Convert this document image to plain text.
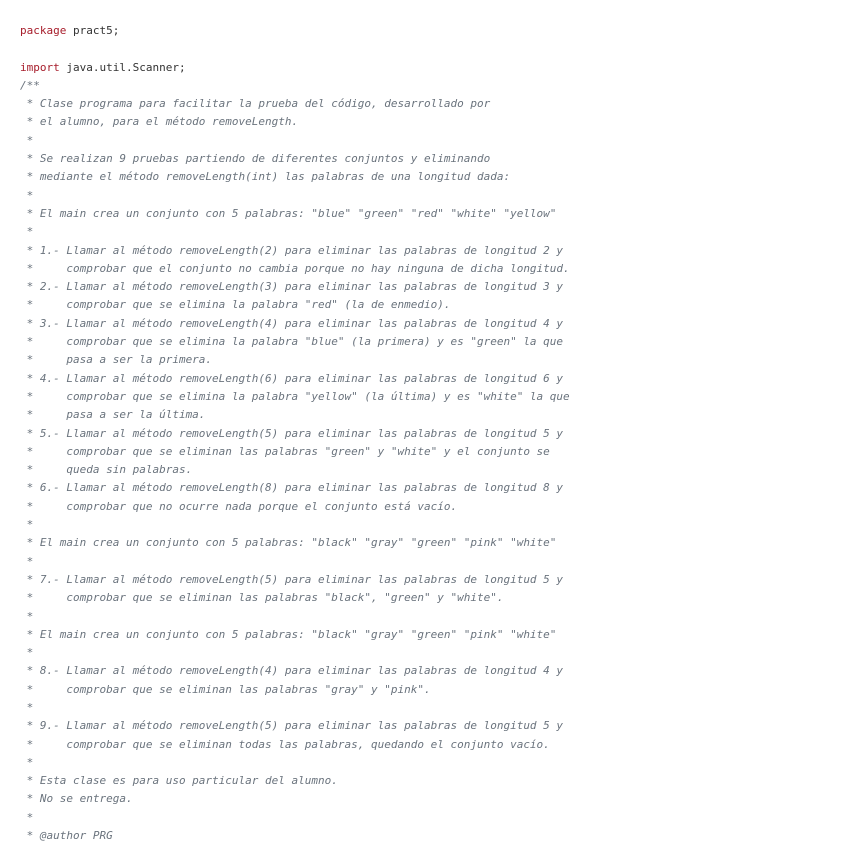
package pract5;

import java.util.Scanner;
/**
* Clase programa para facilitar la prueba del código, desarrollado por
* el alumno, para el método removeLength.
*
* Se realizan 9 pruebas partiendo de diferentes conjuntos y eliminando
* mediante el método removeLength(int) las palabras de una longitud dada:
*
* El main crea un conjunto con 5 palabras: "blue" "green" "red" "white" "yellow"
*
* 1.- Llamar al método removeLength(2) para eliminar las palabras de longitud 2 y
*     comprobar que el conjunto no cambia porque no hay ninguna de dicha longitud.
* 2.- Llamar al método removeLength(3) para eliminar las palabras de longitud 3 y
*     comprobar que se elimina la palabra "red" (la de enmedio).
* 3.- Llamar al método removeLength(4) para eliminar las palabras de longitud 4 y
*     comprobar que se elimina la palabra "blue" (la primera) y es "green" la que
*     pasa a ser la primera.
* 4.- Llamar al método removeLength(6) para eliminar las palabras de longitud 6 y
*     comprobar que se elimina la palabra "yellow" (la última) y es "white" la que
*     pasa a ser la última.
* 5.- Llamar al método removeLength(5) para eliminar las palabras de longitud 5 y
*     comprobar que se eliminan las palabras "green" y "white" y el conjunto se
*     queda sin palabras.
* 6.- Llamar al método removeLength(8) para eliminar las palabras de longitud 8 y
*     comprobar que no ocurre nada porque el conjunto está vacío.
*
* El main crea un conjunto con 5 palabras: "black" "gray" "green" "pink" "white"
*
* 7.- Llamar al método removeLength(5) para eliminar las palabras de longitud 5 y
*     comprobar que se eliminan las palabras "black", "green" y "white".
*
* El main crea un conjunto con 5 palabras: "black" "gray" "green" "pink" "white"
*
* 8.- Llamar al método removeLength(4) para eliminar las palabras de longitud 4 y
*     comprobar que se eliminan las palabras "gray" y "pink".
*
* 9.- Llamar al método removeLength(5) para eliminar las palabras de longitud 5 y
*     comprobar que se eliminan todas las palabras, quedando el conjunto vacío.
*
* Esta clase es para uso particular del alumno.
* No se entrega.
*
* @author PRG
